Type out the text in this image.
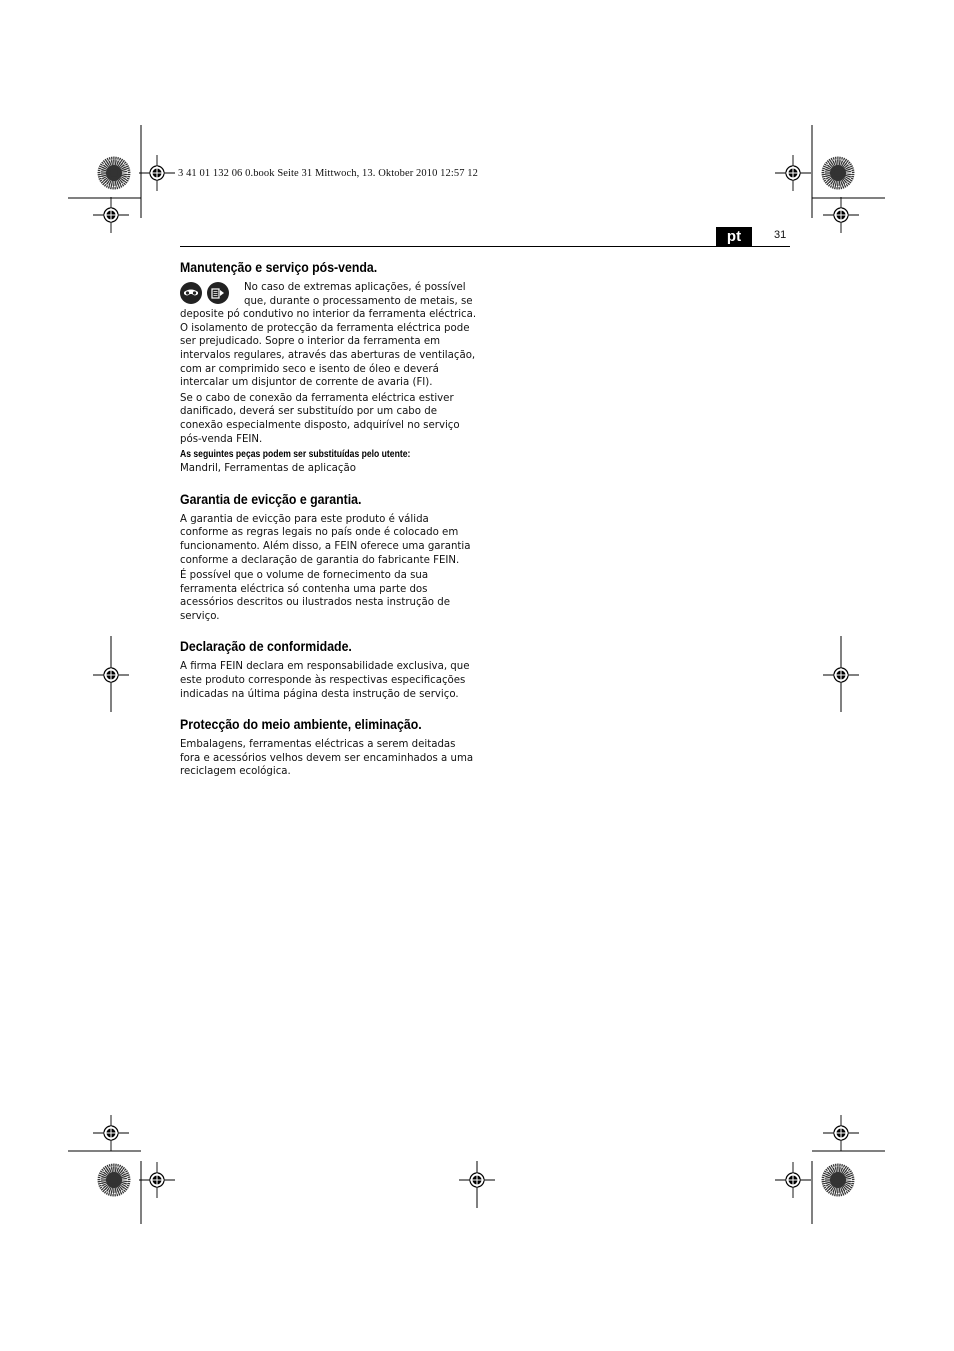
3 41 01 132 06 0.book Seite 31 Mittwoch, 13. Oktober 2010 12:57 12
pt	31
Manutenção e serviço pós-venda.

No caso de extremas aplicações, é possível que, durante o processamento de metais, se deposite pó condutivo no interior da ferramenta eléctrica. O isolamento de protecção da ferramenta eléctrica pode ser prejudicado. Sopre o interior da ferramenta em intervalos regulares, através das aberturas de ventilação, com ar comprimido seco e isento de óleo e deverá intercalar um disjuntor de corrente de avaria (FI).

Se o cabo de conexão da ferramenta eléctrica estiver danificado, deverá ser substituído por um cabo de conexão especialmente disposto, adquirível no serviço pós-venda FEIN.

As seguintes peças podem ser substituídas pelo utente:

Mandril, Ferramentas de aplicação

Garantia de evicção e garantia.

A garantia de evicção para este produto é válida conforme as regras legais no país onde é colocado em funcionamento. Além disso, a FEIN oferece uma garantia conforme a declaração de garantia do fabricante FEIN.

É possível que o volume de fornecimento da sua ferramenta eléctrica só contenha uma parte dos acessórios descritos ou ilustrados nesta instrução de serviço.

Declaração de conformidade.

A firma FEIN declara em responsabilidade exclusiva, que este produto corresponde às respectivas especificações indicadas na última página desta instrução de serviço.

Protecção do meio ambiente, eliminação.

Embalagens, ferramentas eléctricas a serem deitadas fora e acessórios velhos devem ser encaminhados a uma reciclagem ecológica.
